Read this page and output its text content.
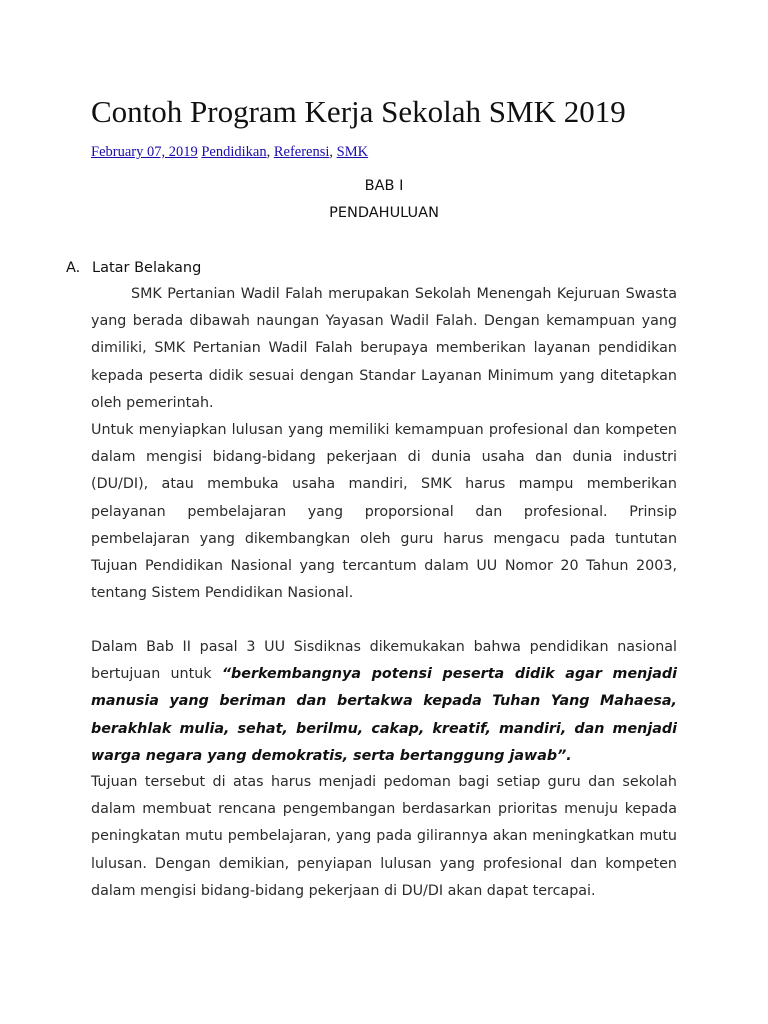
Contoh Program Kerja Sekolah SMK 2019
February 07, 2019 Pendidikan, Referensi, SMK
BAB I
PENDAHULUAN
A. Latar Belakang

SMK Pertanian Wadil Falah merupakan Sekolah Menengah Kejuruan Swasta yang berada dibawah naungan Yayasan Wadil Falah. Dengan kemampuan yang dimiliki, SMK Pertanian Wadil Falah berupaya memberikan layanan pendidikan kepada peserta didik sesuai dengan Standar Layanan Minimum yang ditetapkan oleh pemerintah.

Untuk menyiapkan lulusan yang memiliki kemampuan profesional dan kompeten dalam mengisi bidang-bidang pekerjaan di dunia usaha dan dunia industri (DU/DI), atau membuka usaha mandiri, SMK harus mampu memberikan pelayanan pembelajaran yang proporsional dan profesional. Prinsip pembelajaran yang dikembangkan oleh guru harus mengacu pada tuntutan Tujuan Pendidikan Nasional yang tercantum dalam UU Nomor 20 Tahun 2003, tentang Sistem Pendidikan Nasional.

Dalam Bab II pasal 3 UU Sisdiknas dikemukakan bahwa pendidikan nasional bertujuan untuk “berkembangnya potensi peserta didik agar menjadi manusia yang beriman dan bertakwa kepada Tuhan Yang Mahaesa, berakhlak mulia, sehat, berilmu, cakap, kreatif, mandiri, dan menjadi warga negara yang demokratis, serta bertanggung jawab”.

Tujuan tersebut di atas harus menjadi pedoman bagi setiap guru dan sekolah dalam membuat rencana pengembangan berdasarkan prioritas menuju kepada peningkatan mutu pembelajaran, yang pada gilirannya akan meningkatkan mutu lulusan. Dengan demikian, penyiapan lulusan yang profesional dan kompeten dalam mengisi bidang-bidang pekerjaan di DU/DI akan dapat tercapai.
